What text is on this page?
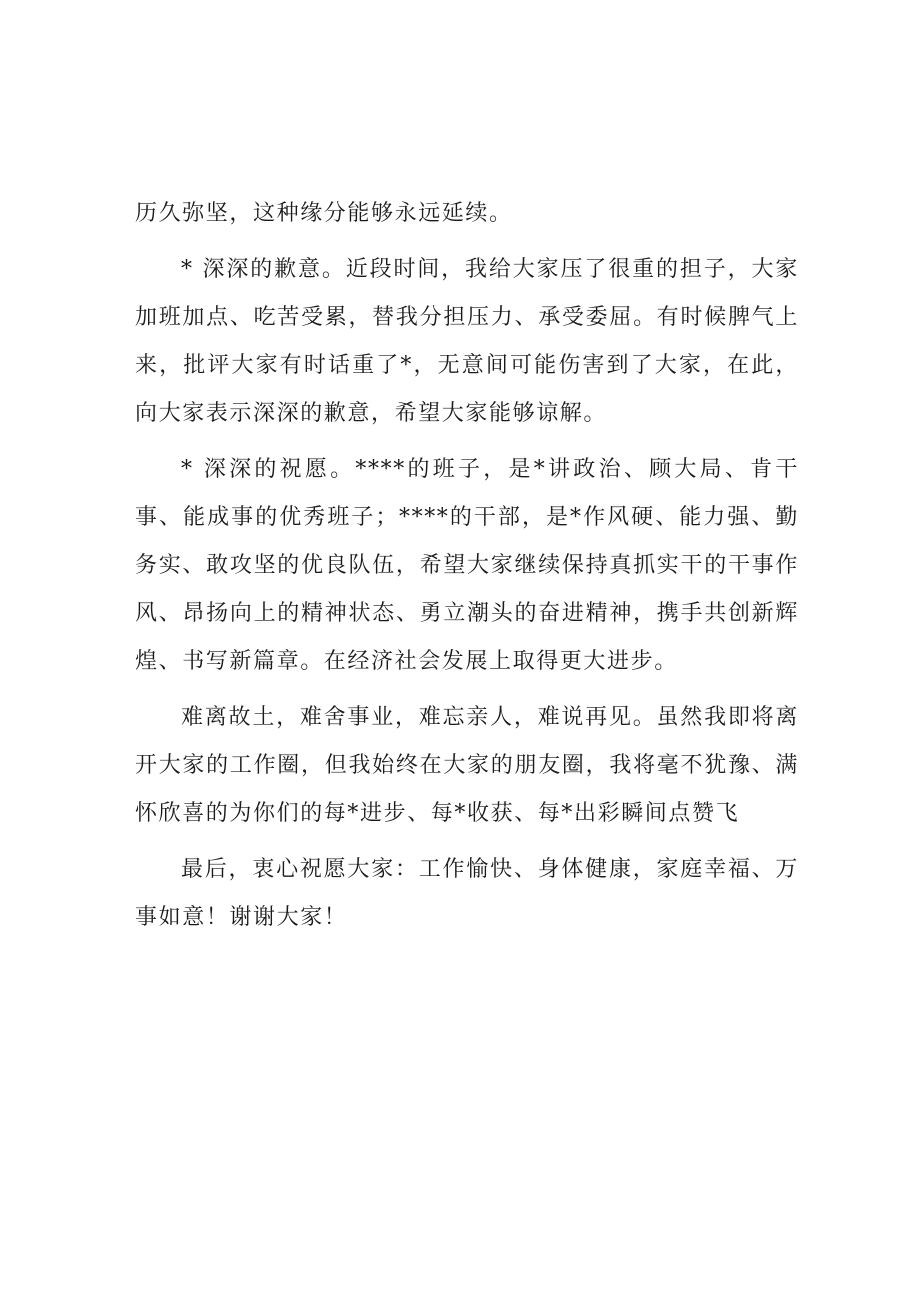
历久弥坚，这种缘分能够永远延续。

* 深深的歉意。近段时间，我给大家压了很重的担子，大家加班加点、吃苦受累，替我分担压力、承受委屈。有时候脾气上来，批评大家有时话重了*，无意间可能伤害到了大家，在此，向大家表示深深的歉意，希望大家能够谅解。

* 深深的祝愿。****的班子，是*讲政治、顾大局、肯干事、能成事的优秀班子；****的干部，是*作风硬、能力强、勤务实、敢攻坚的优良队伍，希望大家继续保持真抓实干的干事作风、昂扬向上的精神状态、勇立潮头的奋进精神，携手共创新辉煌、书写新篇章。在经济社会发展上取得更大进步。

难离故土，难舍事业，难忘亲人，难说再见。虽然我即将离开大家的工作圈，但我始终在大家的朋友圈，我将毫不犹豫、满怀欣喜的为你们的每*进步、每*收获、每*出彩瞬间点赞飞

最后，衷心祝愿大家：工作愉快、身体健康，家庭幸福、万事如意！谢谢大家！
